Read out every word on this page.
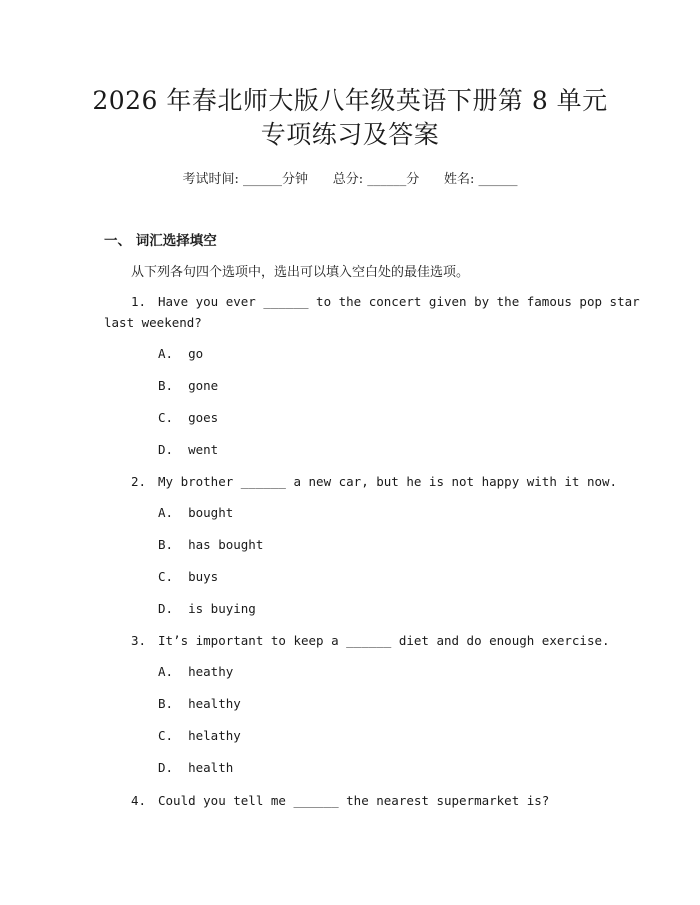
2026 年春北师大版八年级英语下册第 8 单元
专项练习及答案
考试时间: ______分钟      总分: ______分      姓名: ______
一、 词汇选择填空
从下列各句四个选项中，选出可以填入空白处的最佳选项。
1. Have you ever ______ to the concert given by the famous pop star
last weekend?
A.  go
B.  gone
C.  goes
D.  went
2. My brother ______ a new car, but he is not happy with it now.
A.  bought
B.  has bought
C.  buys
D.  is buying
3. It’s important to keep a ______ diet and do enough exercise.
A.  heathy
B.  healthy
C.  helathy
D.  health
4. Could you tell me ______ the nearest supermarket is?
